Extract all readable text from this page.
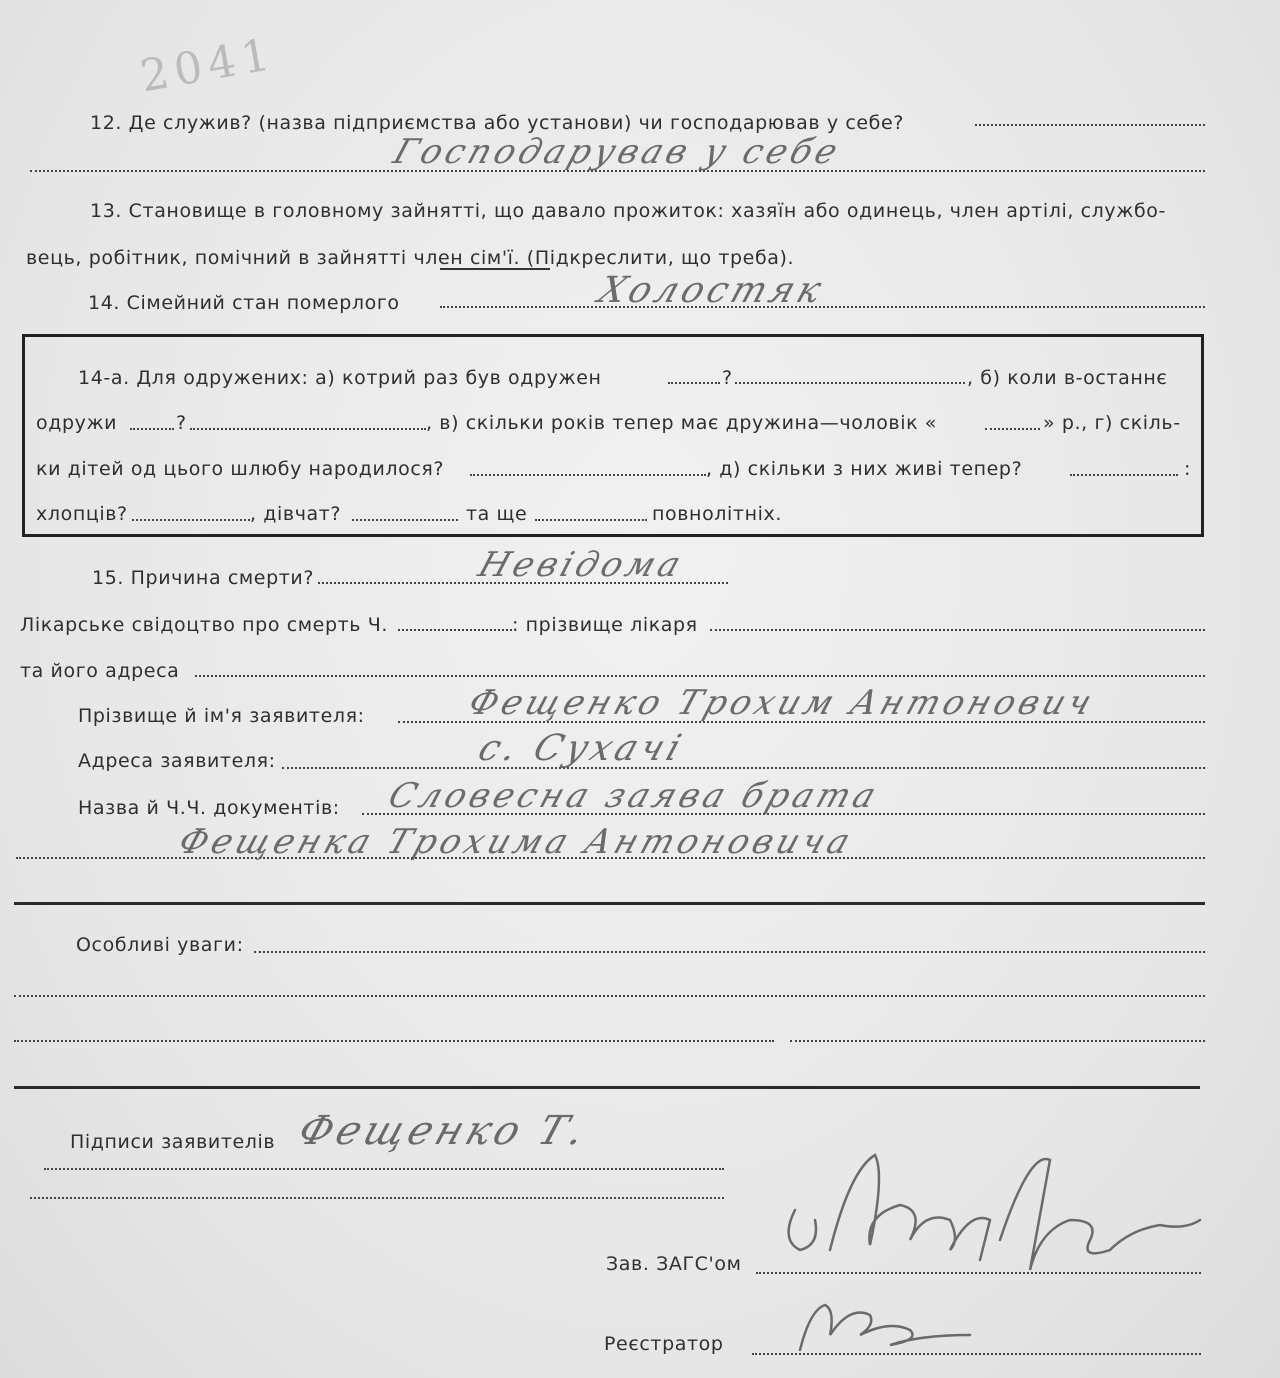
2041
12. Де служив? (назва підприємства або установи) чи господарював у себе?
Господарував у себе
13. Становище в головному зайнятті, що давало прожиток: хазяїн або одинець, член артілі, службо-
вець, робітник, помічний в зайнятті член сім'ї. (Підкреслити, що треба).
14. Сімейний стан померлого	Холостяк
14-а. Для одружених: а) котрий раз був одружен	?	, б) коли в-останнє
одружи	?	, в) скільки років тепер має дружина—чоловік «	» р., г) скіль-
ки дітей од цього шлюбу народилося?	, д) скільки з них живі тепер?	:
хлопців?	, дівчат?	та ще	повнолітніх.
15. Причина смерти?	Невідома
Лікарське свідоцтво про смерть Ч.	: прізвище лікаря
та його адреса
Прізвище й ім'я заявителя:	Фещенко Трохим Антонович
Адреса заявителя:	с. Сухачі
Назва й Ч.Ч. документів: Словесна заява брата
Фещенка Трохима Антоновича
Особливі уваги:
Підписи заявителів Фещенко Т.
Зав. ЗАГС'ом
Реєстратор
